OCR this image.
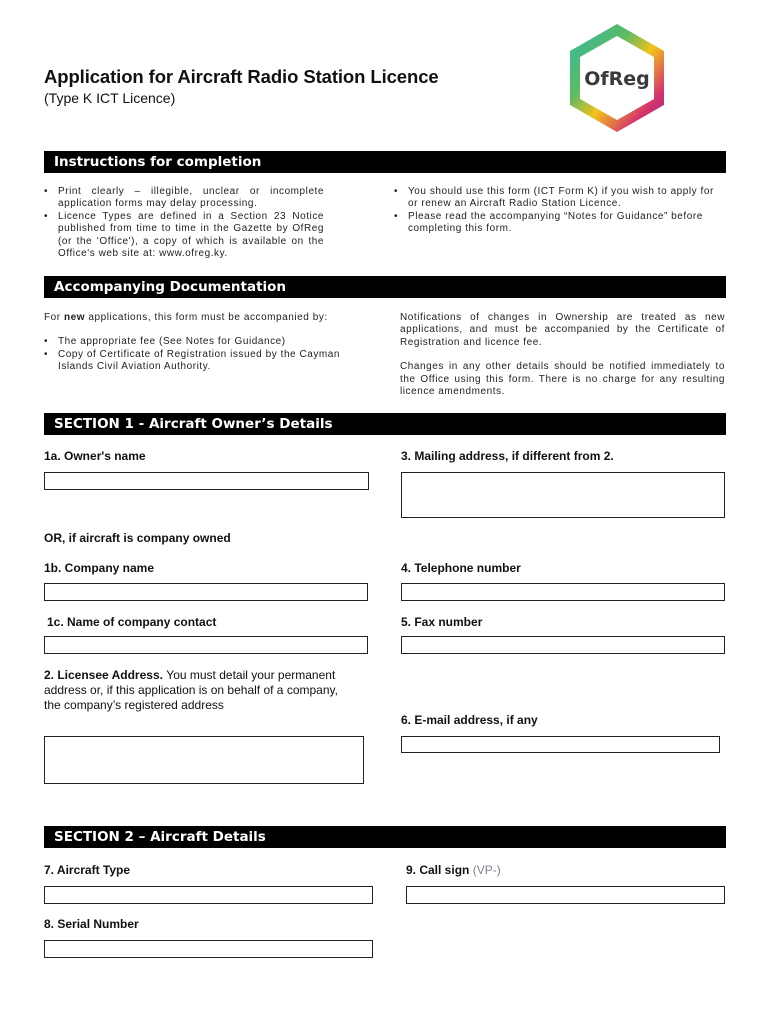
Application for Aircraft Radio Station Licence
(Type K ICT Licence)
OfReg
Instructions for completion
• Print clearly – illegible, unclear or incomplete application forms may delay processing.
• Licence Types are defined in a Section 23 Notice published from time to time in the Gazette by OfReg (or the 'Office'), a copy of which is available on the Office's web site at: www.ofreg.ky.
• You should use this form (ICT Form K) if you wish to apply for or renew an Aircraft Radio Station Licence.
• Please read the accompanying “Notes for Guidance” before completing this form.
Accompanying Documentation
For new applications, this form must be accompanied by:
• The appropriate fee (See Notes for Guidance)
• Copy of Certificate of Registration issued by the Cayman Islands Civil Aviation Authority.
Notifications of changes in Ownership are treated as new applications, and must be accompanied by the Certificate of Registration and licence fee.
Changes in any other details should be notified immediately to the Office using this form. There is no charge for any resulting licence amendments.
SECTION 1 - Aircraft Owner’s Details
1a. Owner's name	3. Mailing address, if different from 2.
OR, if aircraft is company owned
1b. Company name	4. Telephone number
1c. Name of company contact	5. Fax number
2. Licensee Address. You must detail your permanent address or, if this application is on behalf of a company, the company’s registered address
6. E-mail address, if any
SECTION 2 – Aircraft Details
7. Aircraft Type	9. Call sign (VP-)
8. Serial Number
